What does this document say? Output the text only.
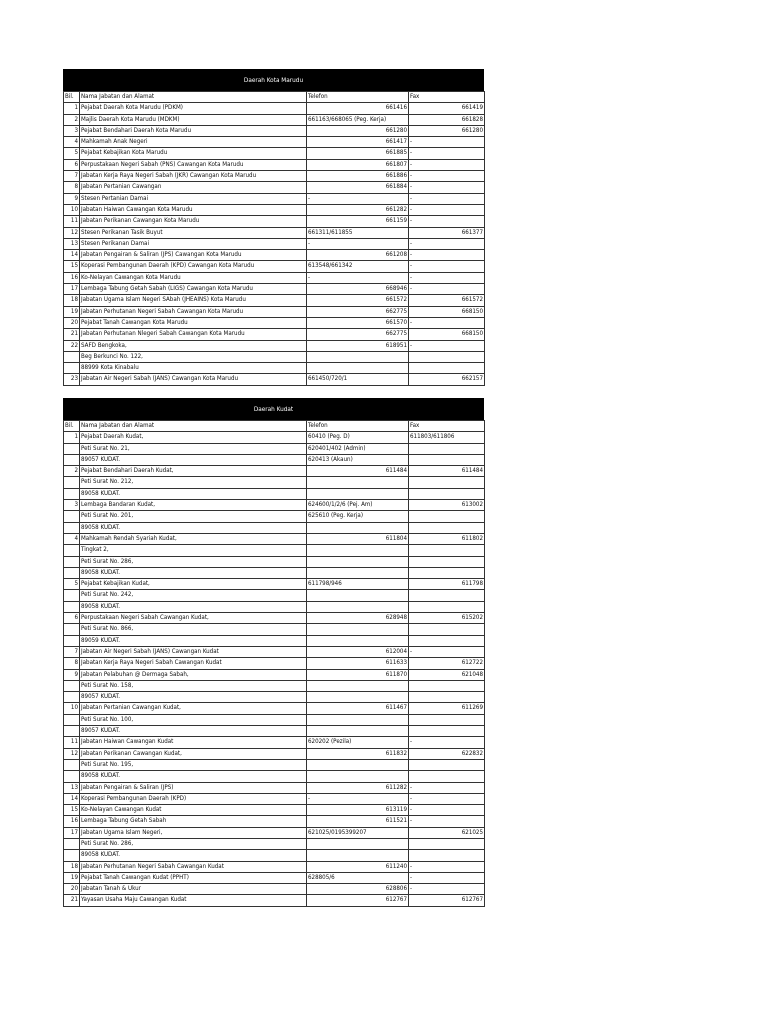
Daerah Kota Marudu
Bil.	Nama Jabatan dan Alamat	Telefon	Fax
1	Pejabat Daerah Kota Marudu (PDKM)	661416	661419
2	Majlis Daerah Kota Marudu (MDKM)	661163/668065 (Peg. Kerja)	661828
3	Pejabat Bendahari Daerah Kota Marudu	661280	661280
4	Mahkamah Anak Negeri	661417	-
5	Pejabat Kebajikan Kota Marudu	661885	-
6	Perpustakaan Negeri Sabah (PNS) Cawangan Kota Marudu	661807	-
7	Jabatan Kerja Raya Negeri Sabah (JKR) Cawangan Kota Marudu	661886	-
8	Jabatan Pertanian Cawangan	661884	-
9	Stesen Pertanian Damai	-	-
10	Jabatan Haiwan Cawangan Kota Marudu	661282	-
11	Jabatan Perikanan Cawangan Kota Marudu	661159	-
12	Stesen Perikanan Tasik Buyut	661311/611855	661377
13	Stesen Perikanan Damai	-	-
14	Jabatan Pengairan & Saliran (JPS) Cawangan Kota Marudu	661208	-
15	Koperasi Pembangunan Daerah (KPD) Cawangan Kota Marudu	613548/661342	-
16	Ko-Nelayan Cawangan Kota Marudu	-	-
17	Lembaga Tabung Getah Sabah (LIGS) Cawangan Kota Marudu	668946	-
18	Jabatan Ugama Islam Negeri SAbah (JHEAINS) Kota Marudu	661572	661572
19	Jabatan Perhutanan Negeri Sabah Cawangan Kota Marudu	662775	668150
20	Pejabat Tanah Cawangan Kota Marudu	661570	-
21	Jabatan Perhutanan Nlegeri Sabah Cawangan Kota Marudu	662775	668150
22	SAFD Bengkoka,	618951	-
	Beg Berkunci No. 122,		
	88999 Kota Kinabalu		
23	Jabatan Air Negeri Sabah (JANS) Cawangan Kota Marudu	661450/720/1	662157
Daerah Kudat
Bil.	Nama Jabatan dan Alamat	Telefon	Fax
1	Pejabat Daerah Kudat,	60410 (Peg. D)	611803/611806
	Peti Surat No. 21,	620401/402 (Admin)	
	89057 KUDAT.	620413 (Akaun)	
2	Pejabat Bendahari Daerah Kudat,	611484	611484
	Peti Surat No. 212,		
	89058 KUDAT.		
3	Lembaga Bandaran Kudat,	624600/1/2/6 (Pej. Am)	613002
	Peti Surat No. 201,	625610 (Peg. Kerja)	
	89058 KUDAT.		
4	Mahkamah Rendah Syariah Kudat,	611804	611802
	Tingkat 2,		
	Peti Surat No. 286,		
	89058 KUDAT.		
5	Pejabat Kebajikan Kudat,	611798/946	611798
	Peti Surat No. 242,		
	89058 KUDAT.		
6	Perpustakaan Negeri Sabah Cawangan Kudat,	628948	615202
	Peti Surat No. 866,		
	89059 KUDAT.		
7	Jabatan Air Negeri Sabah (JANS) Cawangan Kudat	612004	-
8	Jabatan Kerja Raya Negeri Sabah Cawangan Kudat	611633	612722
9	Jabatan Pelabuhan @ Dermaga Sabah,	611870	621048
	Peti Surat No. 158,		
	89057 KUDAT.		
10	Jabatan Pertanian Cawangan Kudat,	611467	611269
	Peti Surat No. 100,		
	89057 KUDAT.		
11	Jabatan Haiwan Cawangan Kudat	620202 (Pezila)	-
12	Jabatan Perikanan Cawangan Kudat,	611832	622832
	Peti Surat No. 195,		
	89058 KUDAT.		
13	Jabatan Pengairan & Saliran (JPS)	611282	-
14	Koperasi Pembangunan Daerah (KPD)	-	-
15	Ko-Nelayan Cawangan Kudat	613119	-
16	Lembaga Tabung Getah Sabah	611521	-
17	Jabatan Ugama Islam Negeri,	621025/0195399207	621025
	Peti Surat No. 286,		
	89058 KUDAT.		
18	Jabatan Perhutanan Negeri Sabah Cawangan Kudat	611240	-
19	Pejabat Tanah Cawangan Kudat (PPHT)	628805/6	-
20	Jabatan Tanah & Ukur	628806	-
21	Yayasan Usaha Maju Cawangan Kudat	612767	612767
